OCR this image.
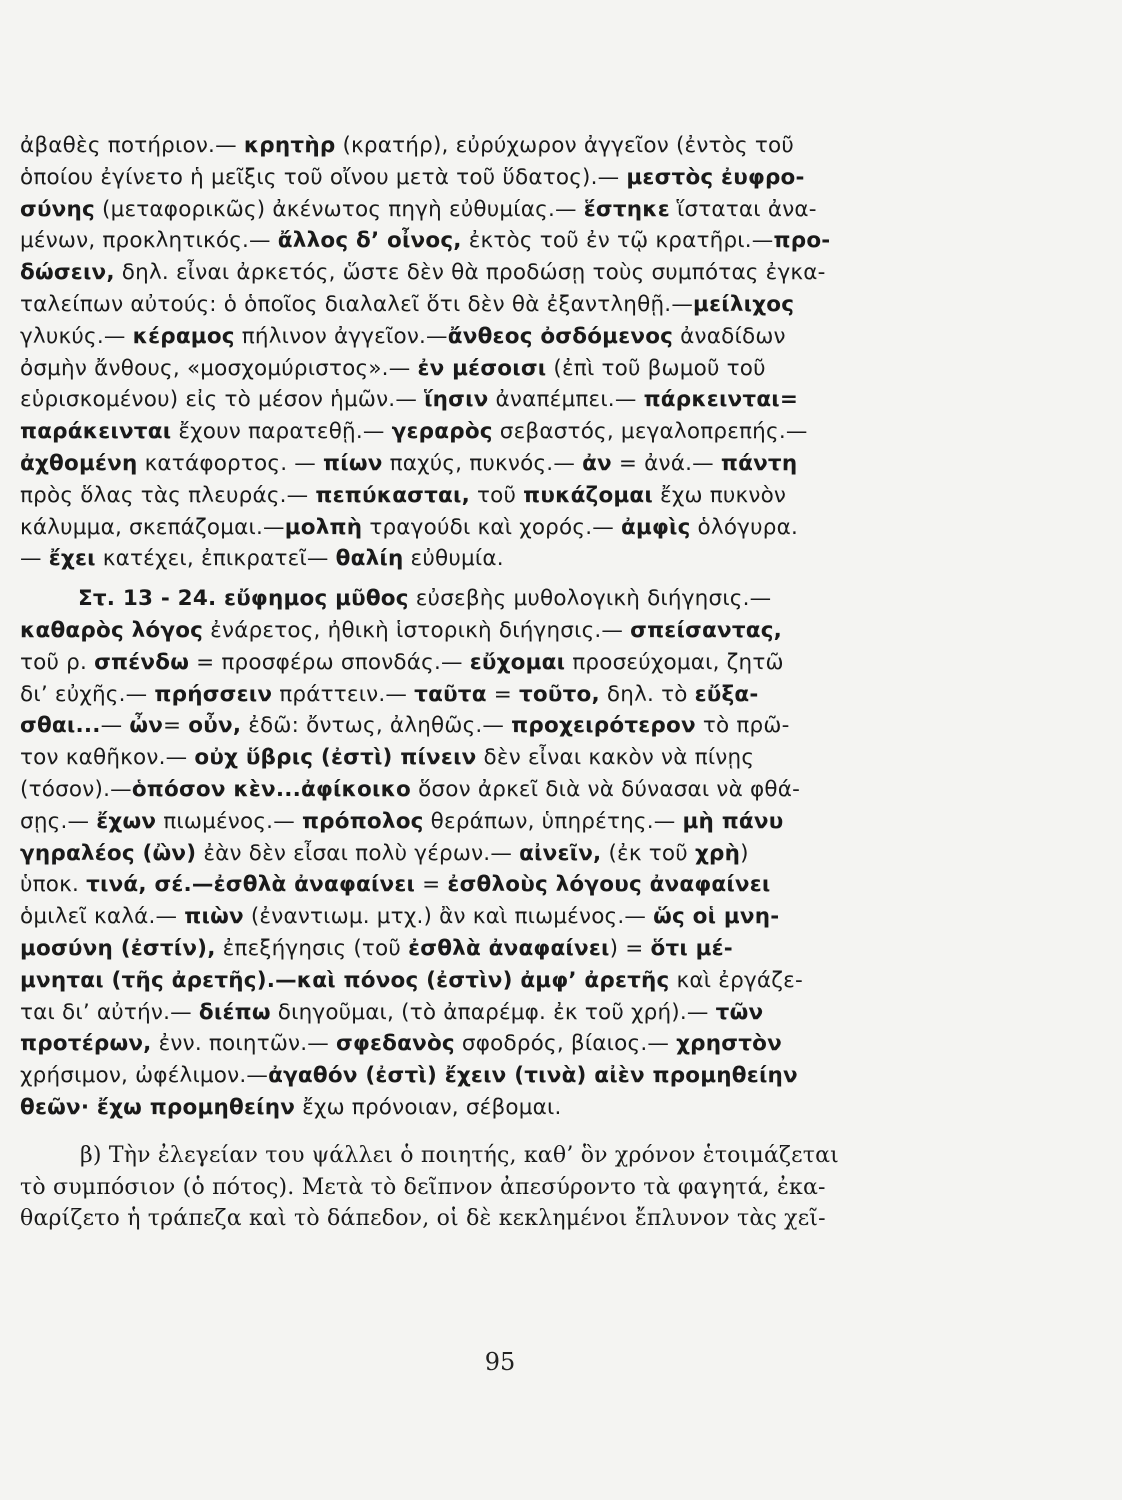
ἀβαθὲς ποτήριον.— κρητὴρ (κρατήρ), εὐρύχωρον ἀγγεῖον (ἐντὸς τοῦ
ὁποίου ἐγίνετο ἡ μεῖξις τοῦ οἴνου μετὰ τοῦ ὕδατος).— μεστὸς ἐυφρο-
σύνης (μεταφορικῶς) ἀκένωτος πηγὴ εὐθυμίας.— ἕστηκε ἵσταται ἀνα-
μένων, προκλητικός.— ἄλλος δ’ οἶνος, ἐκτὸς τοῦ ἐν τῷ κρατῆρι.—προ-
δώσειν, δηλ. εἶναι ἀρκετός, ὥστε δὲν θὰ προδώσῃ τοὺς συμπότας ἐγκα-
ταλείπων αὐτούς: ὁ ὁποῖος διαλαλεῖ ὅτι δὲν θὰ ἐξαντληθῇ.—μείλιχος
γλυκύς.— κέραμος πήλινον ἀγγεῖον.—ἄνθεος ὀσδόμενος ἀναδίδων
ὀσμὴν ἄνθους, «μοσχομύριστος».— ἐν μέσοισι (ἐπὶ τοῦ βωμοῦ τοῦ
εὑρισκομένου) εἰς τὸ μέσον ἡμῶν.— ἵησιν ἀναπέμπει.— πάρκεινται=
παράκεινται ἔχουν παρατεθῇ.— γεραρὸς σεβαστός, μεγαλοπρεπής.—
ἀχθομένη κατάφορτος. — πίων παχύς, πυκνός.— ἀν = ἀνά.— πάντη
πρὸς ὅλας τὰς πλευράς.— πεπύκασται, τοῦ πυκάζομαι ἔχω πυκνὸν
κάλυμμα, σκεπάζομαι.—μολπὴ τραγούδι καὶ χορός.— ἀμφὶς ὁλόγυρα.
— ἔχει κατέχει, ἐπικρατεῖ— θαλίη εὐθυμία.
Στ. 13 - 24. εὔφημος μῦθος εὐσεβὴς μυθολογικὴ διήγησις.—
καθαρὸς λόγος ἐνάρετος, ἠθικὴ ἱστορικὴ διήγησις.— σπείσαντας,
τοῦ ρ. σπένδω = προσφέρω σπονδάς.— εὔχομαι προσεύχομαι, ζητῶ
δι’ εὐχῆς.— πρήσσειν πράττειν.— ταῦτα = τοῦτο, δηλ. τὸ εὔξα-
σθαι...— ὦν= οὖν, ἐδῶ: ὄντως, ἀληθῶς.— προχειρότερον τὸ πρῶ-
τον καθῆκον.— οὐχ ὕβρις (ἐστὶ) πίνειν δὲν εἶναι κακὸν νὰ πίνῃς
(τόσον).—ὁπόσον κὲν...ἀφίκοικο ὅσον ἀρκεῖ διὰ νὰ δύνασαι νὰ φθά-
σῃς.— ἔχων πιωμένος.— πρόπολος θεράπων, ὑπηρέτης.— μὴ πάνυ
γηραλέος (ὢν) ἐὰν δὲν εἶσαι πολὺ γέρων.— αἰνεῖν, (ἐκ τοῦ χρὴ)
ὑποκ. τινά, σέ.—ἐσθλὰ ἀναφαίνει = ἐσθλοὺς λόγους ἀναφαίνει
ὁμιλεῖ καλά.— πιὼν (ἐναντιωμ. μτχ.) ἂν καὶ πιωμένος.— ὥς οἱ μνη-
μοσύνη (ἐστίν), ἐπεξήγησις (τοῦ ἐσθλὰ ἀναφαίνει) = ὅτι μέ-
μνηται (τῆς ἀρετῆς).—καὶ πόνος (ἐστὶν) ἀμφ’ ἀρετῆς καὶ ἐργάζε-
ται δι’ αὐτήν.— διέπω διηγοῦμαι, (τὸ ἀπαρέμφ. ἐκ τοῦ χρή).— τῶν
προτέρων, ἐνν. ποιητῶν.— σφεδανὸς σφοδρός, βίαιος.— χρηστὸν
χρήσιμον, ὠφέλιμον.—ἀγαθόν (ἐστὶ) ἔχειν (τινὰ) αἰὲν προμηθείην
θεῶν· ἔχω προμηθείην ἔχω πρόνοιαν, σέβομαι.
β) Τὴν ἐλεγείαν του ψάλλει ὁ ποιητής, καθ’ ὃν χρόνον ἑτοιμάζεται
τὸ συμπόσιον (ὁ πότος). Μετὰ τὸ δεῖπνον ἀπεσύροντο τὰ φαγητά, ἐκα-
θαρίζετο ἡ τράπεζα καὶ τὸ δάπεδον, οἱ δὲ κεκλημένοι ἔπλυνον τὰς χεῖ-
95
